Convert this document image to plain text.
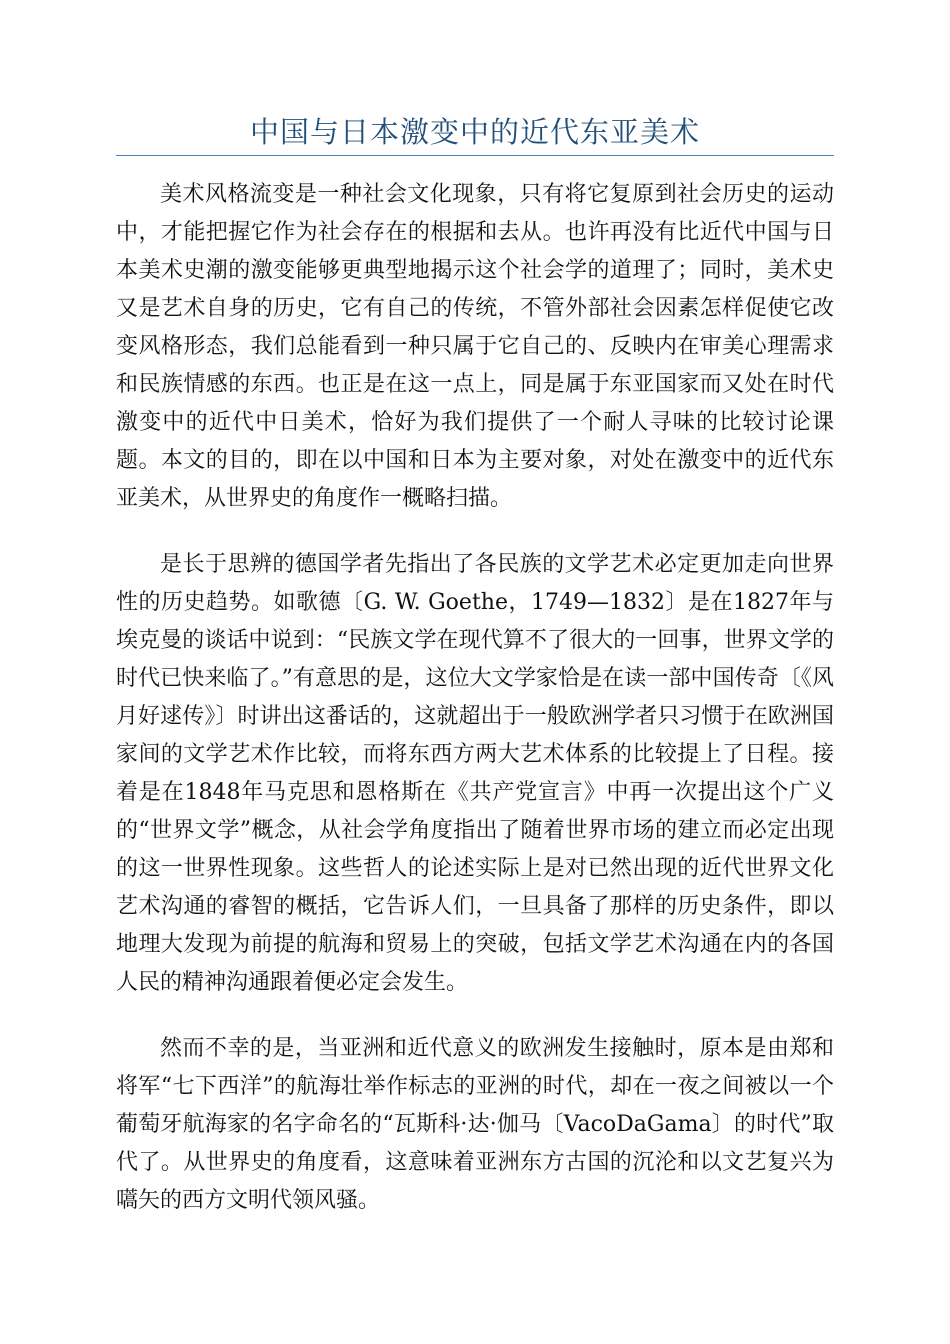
中国与日本激变中的近代东亚美术

美术风格流变是一种社会文化现象，只有将它复原到社会历史的运动中，才能把握它作为社会存在的根据和去从。也许再没有比近代中国与日本美术史潮的激变能够更典型地揭示这个社会学的道理了；同时，美术史又是艺术自身的历史，它有自己的传统，不管外部社会因素怎样促使它改变风格形态，我们总能看到一种只属于它自己的、反映内在审美心理需求和民族情感的东西。也正是在这一点上，同是属于东亚国家而又处在时代激变中的近代中日美术，恰好为我们提供了一个耐人寻味的比较讨论课题。本文的目的，即在以中国和日本为主要对象，对处在激变中的近代东亚美术，从世界史的角度作一概略扫描。

是长于思辨的德国学者先指出了各民族的文学艺术必定更加走向世界性的历史趋势。如歌德〔G. W. Goethe，1749—1832〕是在1827年与埃克曼的谈话中说到：“民族文学在现代算不了很大的一回事，世界文学的时代已快来临了。”有意思的是，这位大文学家恰是在读一部中国传奇〔《风月好逑传》〕时讲出这番话的，这就超出于一般欧洲学者只习惯于在欧洲国家间的文学艺术作比较，而将东西方两大艺术体系的比较提上了日程。接着是在1848年马克思和恩格斯在《共产党宣言》中再一次提出这个广义的“世界文学”概念，从社会学角度指出了随着世界市场的建立而必定出现的这一世界性现象。这些哲人的论述实际上是对已然出现的近代世界文化艺术沟通的睿智的概括，它告诉人们，一旦具备了那样的历史条件，即以地理大发现为前提的航海和贸易上的突破，包括文学艺术沟通在内的各国人民的精神沟通跟着便必定会发生。

然而不幸的是，当亚洲和近代意义的欧洲发生接触时，原本是由郑和将军“七下西洋”的航海壮举作标志的亚洲的时代，却在一夜之间被以一个葡萄牙航海家的名字命名的“瓦斯科·达·伽马〔VacoDaGama〕的时代”取代了。从世界史的角度看，这意味着亚洲东方古国的沉沦和以文艺复兴为嚆矢的西方文明代领风骚。
